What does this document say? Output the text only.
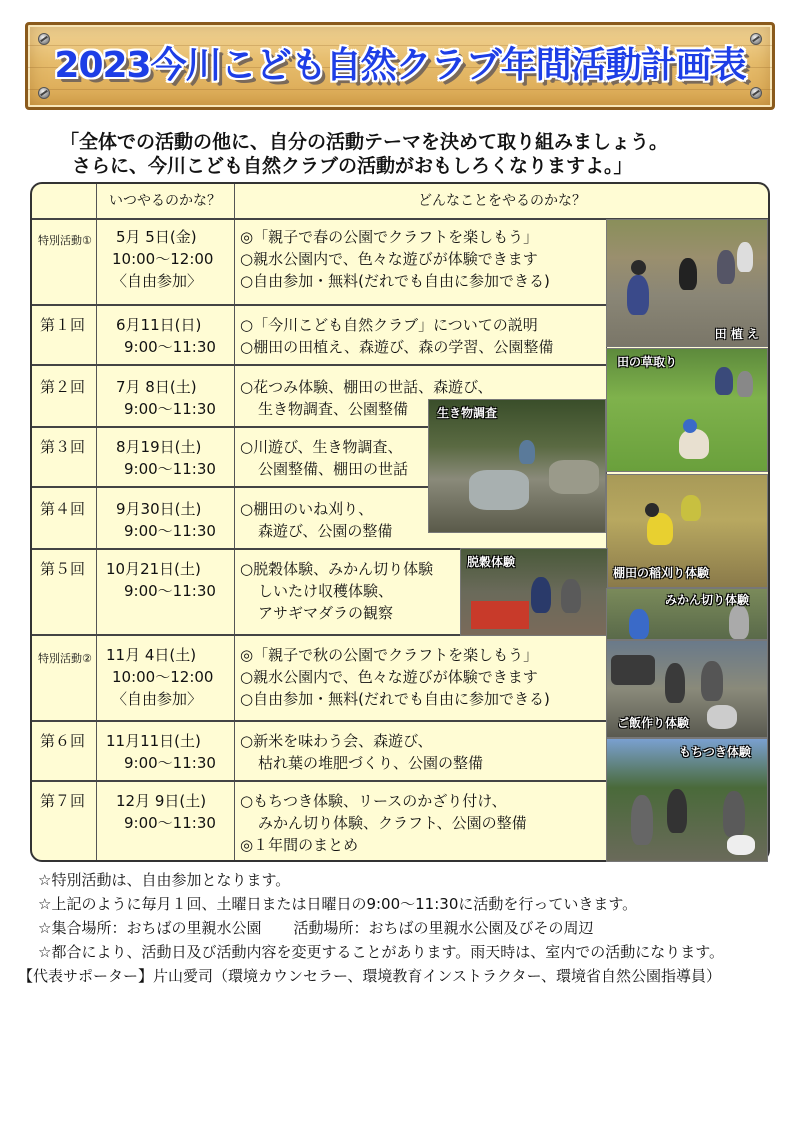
2023今川こども自然クラブ年間活動計画表
「全体での活動の他に、自分の活動テーマを決めて取り組みましょう。
さらに、今川こども自然クラブの活動がおもしろくなりますよ。」
いつやるのかな？	どんなことをやるのかな？
特別活動① 5月 5日(金)
10:00～12:00
〈自由参加〉
◎「親子で春の公園でクラフトを楽しもう」
○親水公園内で、色々な遊びが体験できます
○自由参加・無料(だれでも自由に参加できる)
第１回 6月11日(日)
9:00～11:30
○「今川こども自然クラブ」についての説明
○棚田の田植え、森遊び、森の学習、公園整備
第２回 7月 8日(土)
9:00～11:30
○花つみ体験、棚田の世話、森遊び、
生き物調査、公園整備
第３回 8月19日(土)
9:00～11:30
○川遊び、生き物調査、
公園整備、棚田の世話
第４回 9月30日(土)
9:00～11:30
○棚田のいね刈り、
森遊び、公園の整備
第５回 10月21日(土)
9:00～11:30
○脱穀体験、みかん切り体験
しいたけ収穫体験、
アサギマダラの観察
特別活動② 11月 4日(土)
10:00～12:00
〈自由参加〉
◎「親子で秋の公園でクラフトを楽しもう」
○親水公園内で、色々な遊びが体験できます
○自由参加・無料(だれでも自由に参加できる)
第６回 11月11日(土)
9:00～11:30
○新米を味わう会、森遊び、
枯れ葉の堆肥づくり、公園の整備
第７回 12月 9日(土)
9:00～11:30
○もちつき体験、リースのかざり付け、
みかん切り体験、クラフト、公園の整備
◎１年間のまとめ
田 植 え
田の草取り
生き物調査
棚田の稲刈り体験
脱穀体験
みかん切り体験
ご飯作り体験
もちつき体験
☆特別活動は、自由参加となります。
☆上記のように毎月１回、土曜日または日曜日の9:00～11:30に活動を行っていきます。
☆集合場所：おちばの里親水公園 活動場所：おちばの里親水公園及びその周辺
☆都合により、活動日及び活動内容を変更することがあります。雨天時は、室内での活動になります。
【代表サポーター】片山愛司（環境カウンセラー、環境教育インストラクター、環境省自然公園指導員）
